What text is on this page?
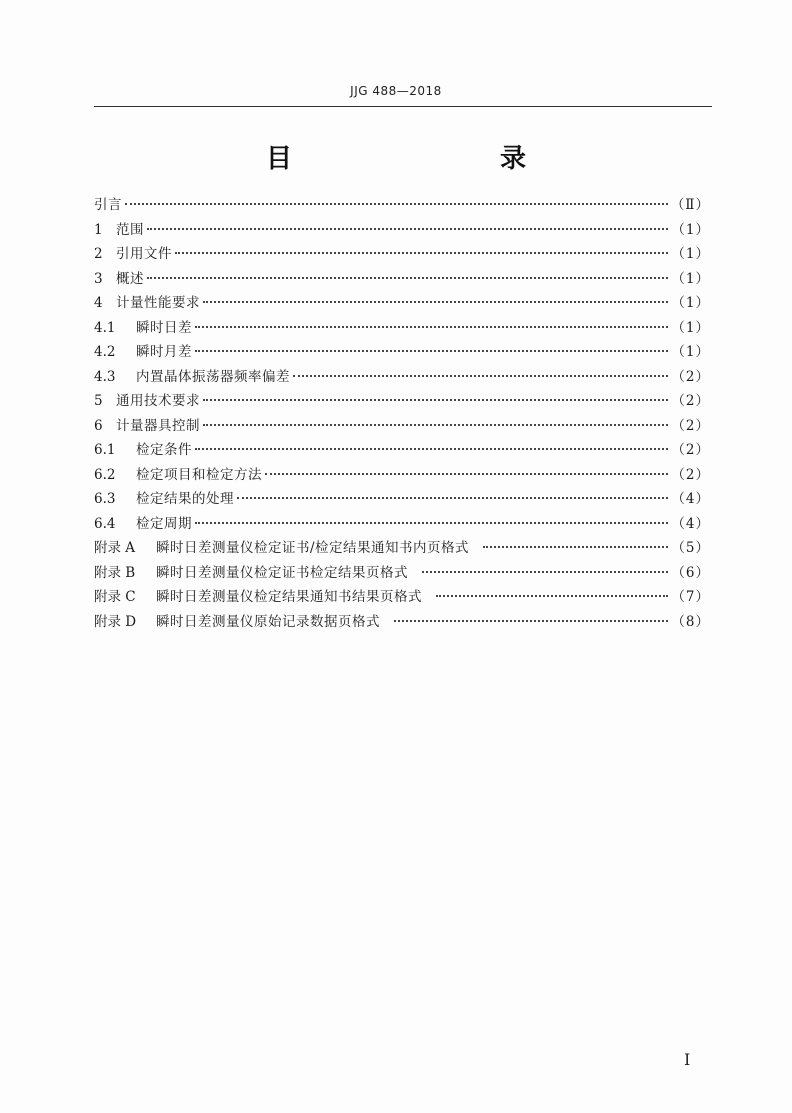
JJG 488—2018
目　　录
引言	（Ⅱ）
1 范围	（1）
2 引用文件	（1）
3 概述	（1）
4 计量性能要求	（1）
4.1	瞬时日差	（1）
4.2	瞬时月差	（1）
4.3	内置晶体振荡器频率偏差	（2）
5 通用技术要求	（2）
6 计量器具控制	（2）
6.1	检定条件	（2）
6.2	检定项目和检定方法	（2）
6.3	检定结果的处理	（4）
6.4	检定周期	（4）
附录 A	瞬时日差测量仪检定证书/检定结果通知书内页格式	（5）
附录 B	瞬时日差测量仪检定证书检定结果页格式	（6）
附录 C	瞬时日差测量仪检定结果通知书结果页格式	（7）
附录 D	瞬时日差测量仪原始记录数据页格式	（8）
I
